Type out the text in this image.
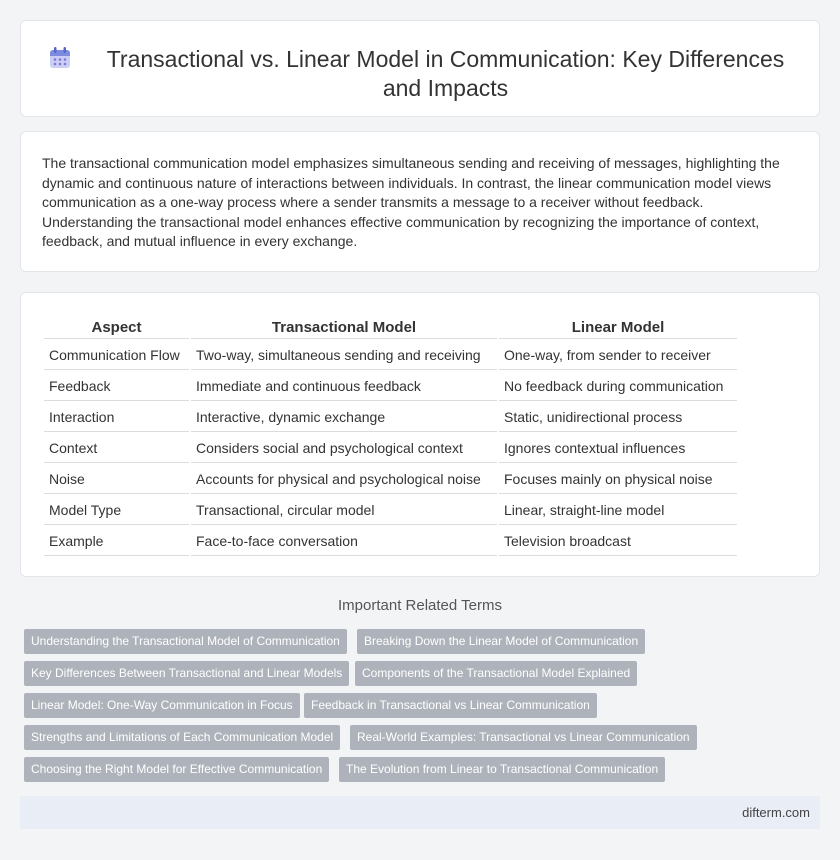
Transactional vs. Linear Model in Communication: Key Differences and Impacts

The transactional communication model emphasizes simultaneous sending and receiving of messages, highlighting the dynamic and continuous nature of interactions between individuals. In contrast, the linear communication model views communication as a one-way process where a sender transmits a message to a receiver without feedback. Understanding the transactional model enhances effective communication by recognizing the importance of context, feedback, and mutual influence in every exchange.

Aspect	Transactional Model	Linear Model
Communication Flow	Two-way, simultaneous sending and receiving	One-way, from sender to receiver
Feedback	Immediate and continuous feedback	No feedback during communication
Interaction	Interactive, dynamic exchange	Static, unidirectional process
Context	Considers social and psychological context	Ignores contextual influences
Noise	Accounts for physical and psychological noise	Focuses mainly on physical noise
Model Type	Transactional, circular model	Linear, straight-line model
Example	Face-to-face conversation	Television broadcast
Important Related Terms
Understanding the Transactional Model of Communication	Breaking Down the Linear Model of Communication
Key Differences Between Transactional and Linear Models	Components of the Transactional Model Explained
Linear Model: One-Way Communication in Focus	Feedback in Transactional vs Linear Communication
Strengths and Limitations of Each Communication Model	Real-World Examples: Transactional vs Linear Communication
Choosing the Right Model for Effective Communication	The Evolution from Linear to Transactional Communication
difterm.com
